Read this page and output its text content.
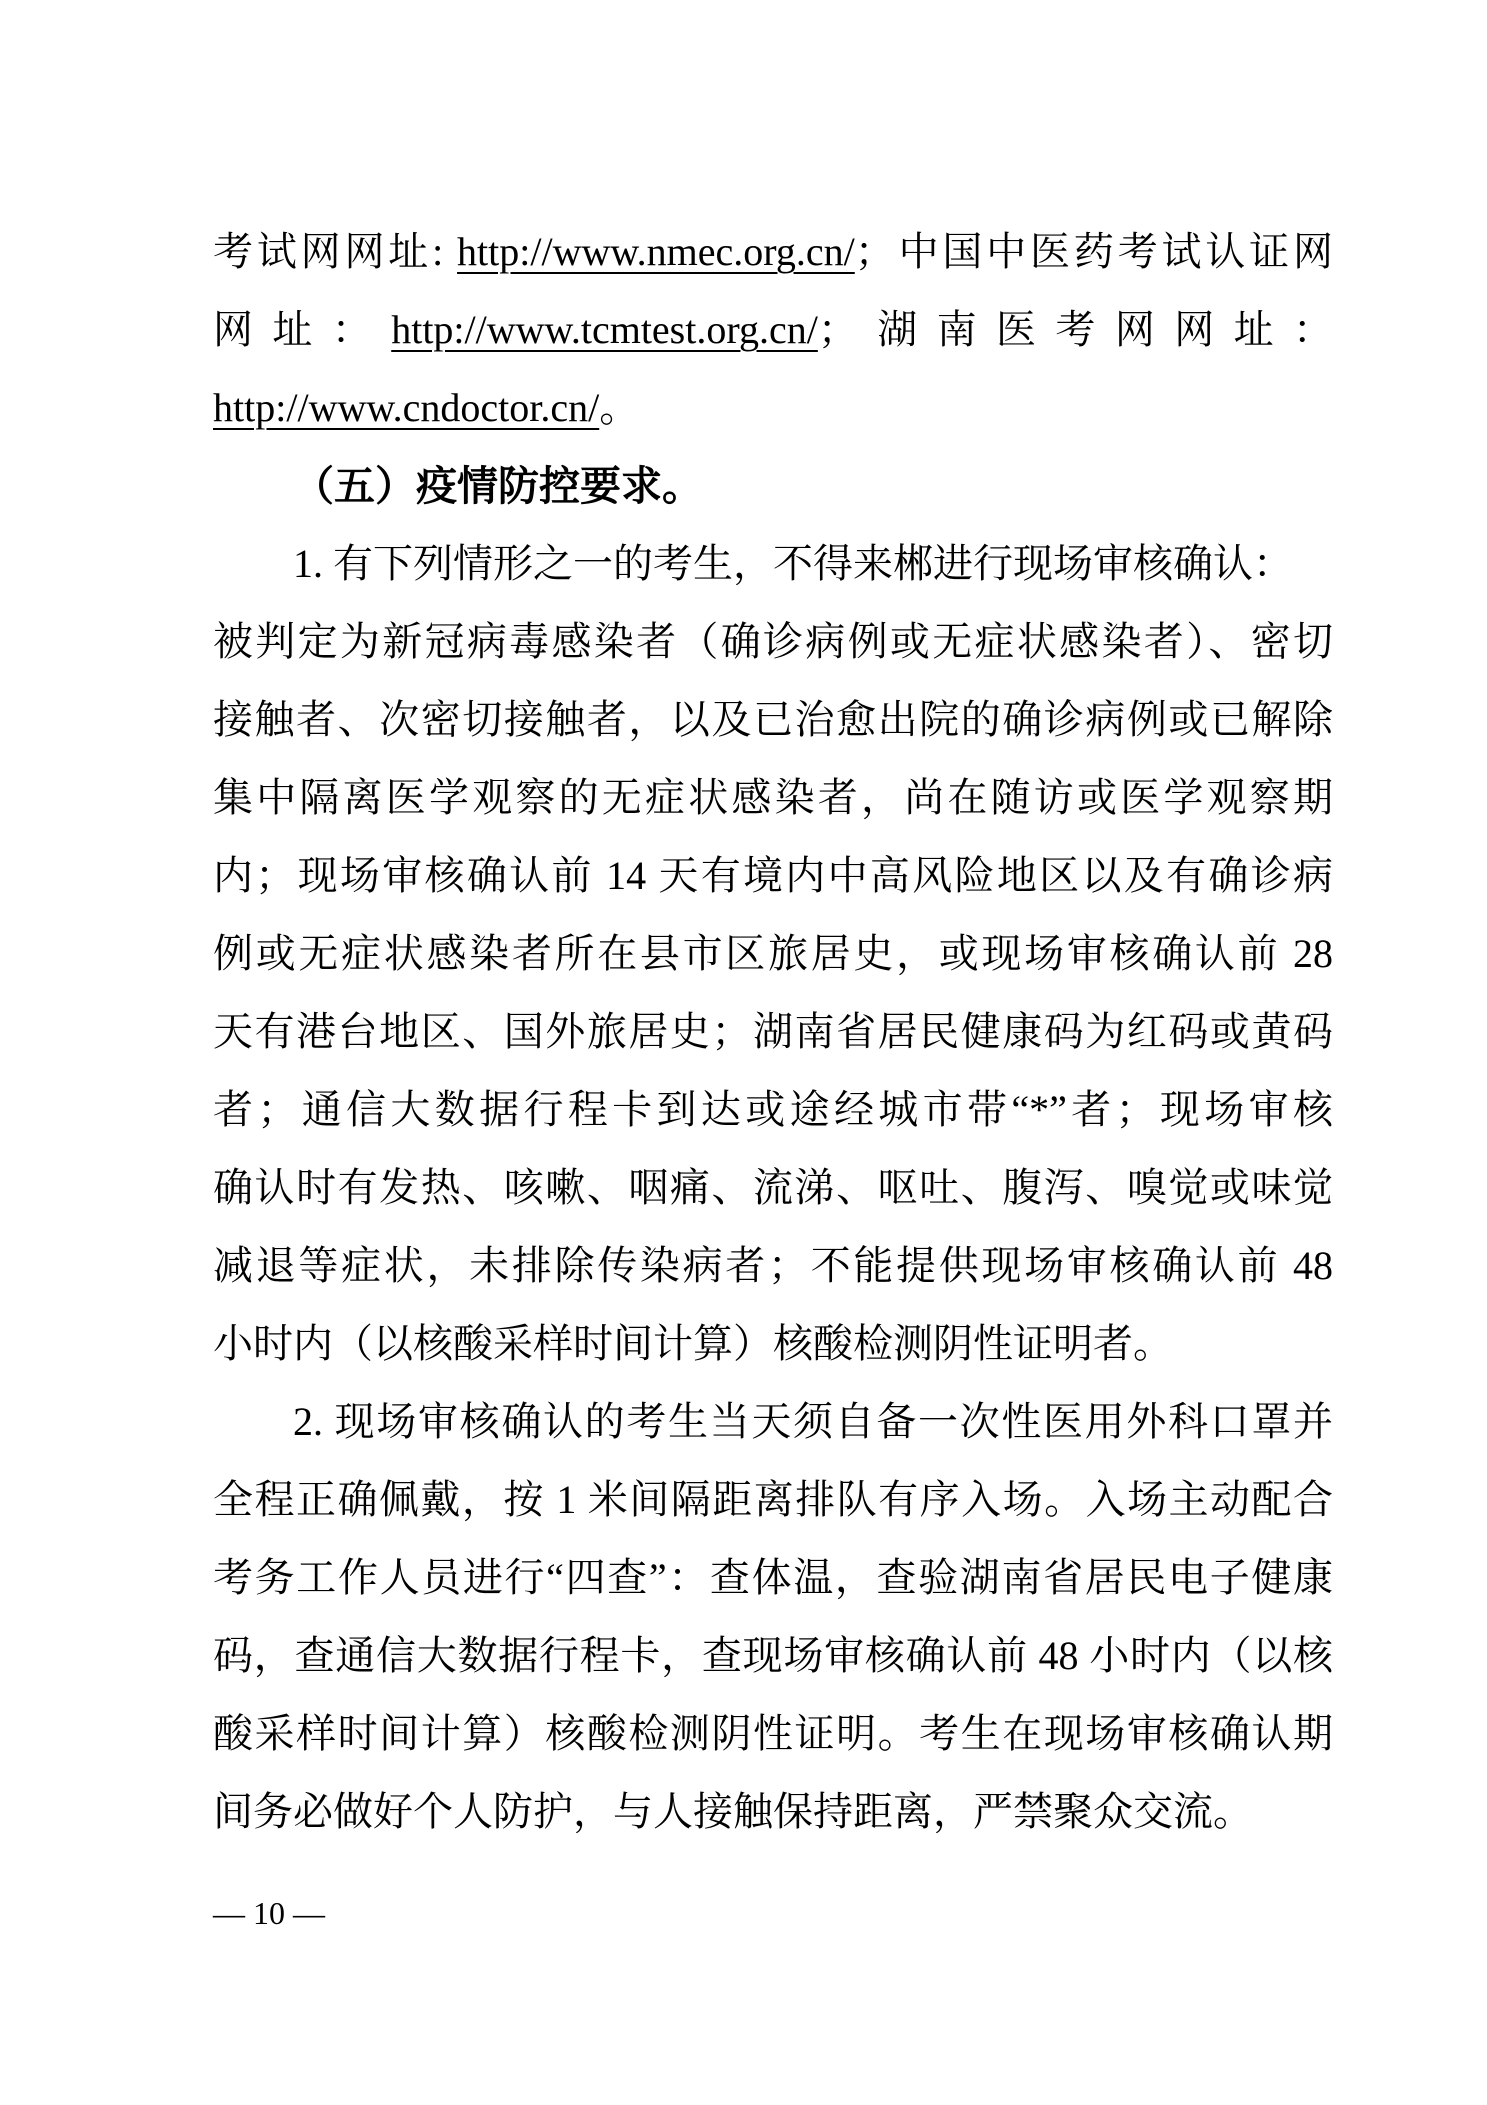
考试网网址: http://www.nmec.org.cn/；中国中医药考试认证网
网址：http://www.tcmtest.org.cn/；湖南医考网网址：
http://www.cndoctor.cn/。
（五）疫情防控要求。
1. 有下列情形之一的考生，不得来郴进行现场审核确认：
被判定为新冠病毒感染者（确诊病例或无症状感染者）、密切
接触者、次密切接触者，以及已治愈出院的确诊病例或已解除
集中隔离医学观察的无症状感染者，尚在随访或医学观察期
内；现场审核确认前 14 天有境内中高风险地区以及有确诊病
例或无症状感染者所在县市区旅居史，或现场审核确认前 28
天有港台地区、国外旅居史；湖南省居民健康码为红码或黄码
者；通信大数据行程卡到达或途经城市带“*”者；现场审核
确认时有发热、咳嗽、咽痛、流涕、呕吐、腹泻、嗅觉或味觉
减退等症状，未排除传染病者；不能提供现场审核确认前 48
小时内（以核酸采样时间计算）核酸检测阴性证明者。
2. 现场审核确认的考生当天须自备一次性医用外科口罩并
全程正确佩戴，按 1 米间隔距离排队有序入场。入场主动配合
考务工作人员进行“四查”：查体温，查验湖南省居民电子健康
码，查通信大数据行程卡，查现场审核确认前 48 小时内（以核
酸采样时间计算）核酸检测阴性证明。考生在现场审核确认期
间务必做好个人防护，与人接触保持距离，严禁聚众交流。
— 10 —
